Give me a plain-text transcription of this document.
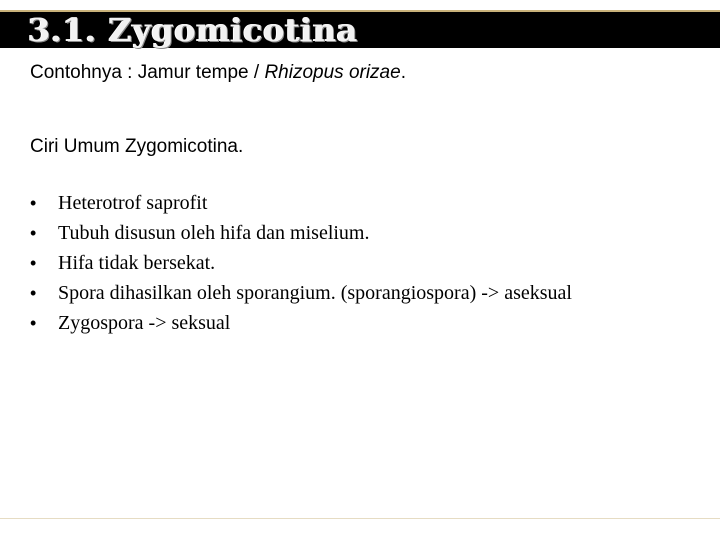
3.1. Zygomicotina
Contohnya : Jamur tempe / Rhizopus orizae.
Ciri Umum Zygomicotina.
• Heterotrof saprofit
• Tubuh disusun oleh hifa dan miselium.
• Hifa tidak bersekat.
• Spora dihasilkan oleh sporangium. (sporangiospora) -> aseksual
• Zygospora -> seksual
